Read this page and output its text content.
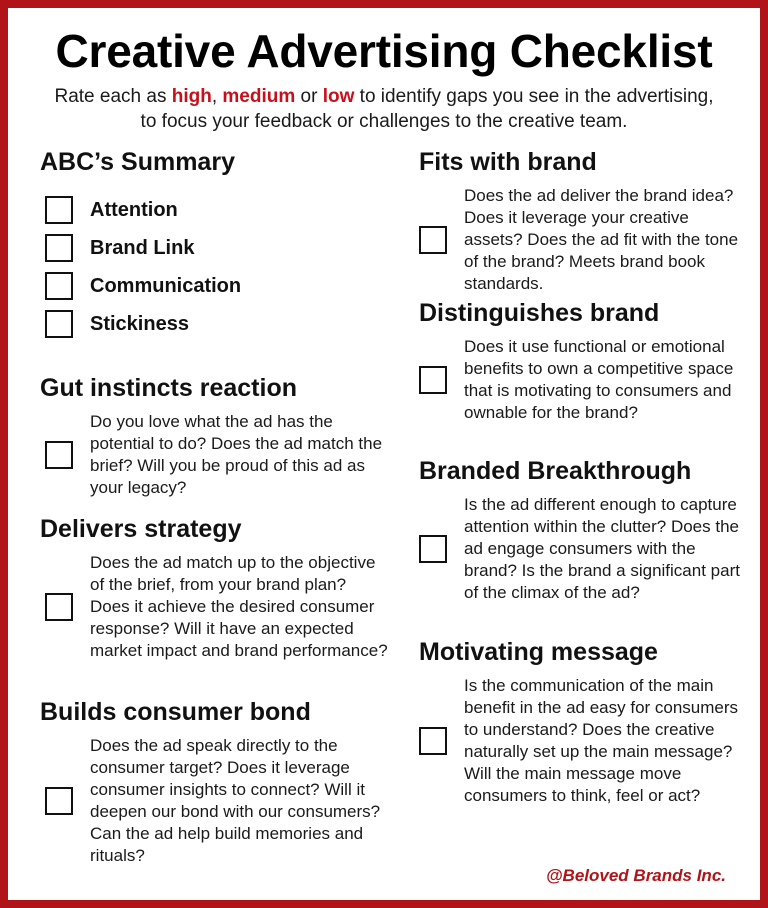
Creative Advertising Checklist
Rate each as high, medium or low to identify gaps you see in the advertising, to focus your feedback or challenges to the creative team.
ABC’s Summary
Attention
Brand Link
Communication
Stickiness
Gut instincts reaction
Do you love what the ad has the potential to do? Does the ad match the brief? Will you be proud of this ad as your legacy?
Delivers strategy
Does the ad match up to the objective of the brief, from your brand plan? Does it achieve the desired consumer response? Will it have an expected market impact and brand performance?
Builds consumer bond
Does the ad speak directly to the consumer target? Does it leverage consumer insights to connect? Will it deepen our bond with our consumers? Can the ad help build memories and rituals?
Fits with brand
Does the ad deliver the brand idea? Does it leverage your creative assets? Does the ad fit with the tone of the brand? Meets brand book standards.
Distinguishes brand
Does it use functional or emotional benefits to own a competitive space that is motivating to consumers and ownable for the brand?
Branded Breakthrough
Is the ad different enough to capture attention within the clutter? Does the ad engage consumers with the brand? Is the brand a significant part of the climax of the ad?
Motivating message
Is the communication of the main benefit in the ad easy for consumers to understand? Does the creative naturally set up the main message? Will the main message move consumers to think, feel or act?
@Beloved Brands Inc.
